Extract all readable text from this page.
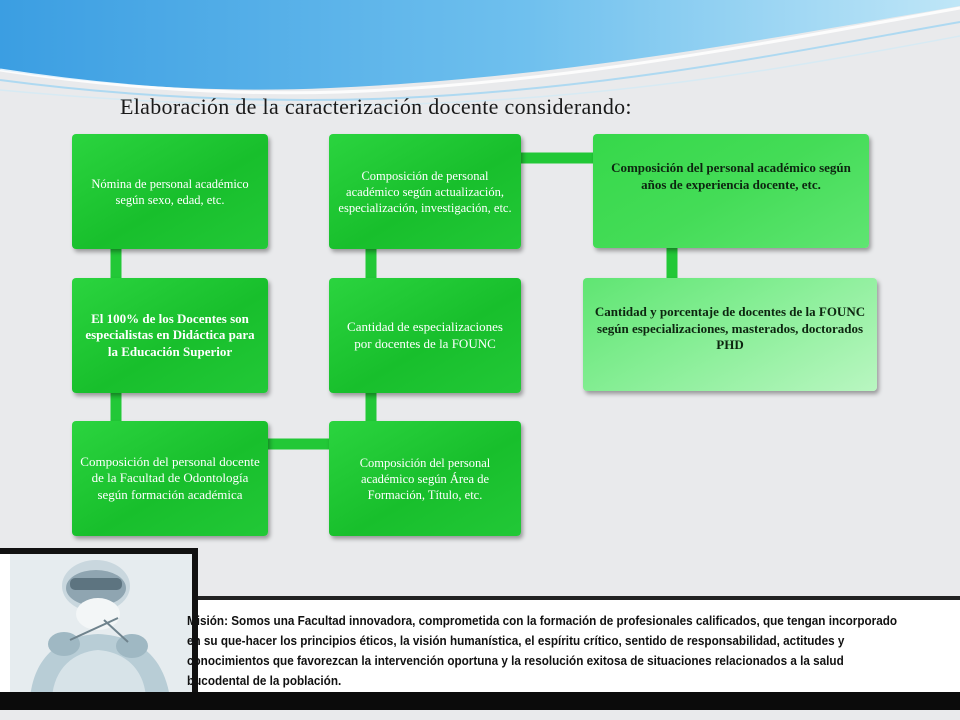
Elaboración de la caracterización docente considerando:
Nómina de personal académico según sexo, edad, etc.
El 100% de los Docentes son especialistas en Didáctica para la Educación Superior
Composición del personal docente de la Facultad de Odontología según formación académica
Composición del personal académico según Área de Formación, Título, etc.
Cantidad de especializaciones por docentes de la FOUNC
Composición de personal académico según actualización, especialización, investigación, etc.
Composición del personal académico según años de experiencia docente, etc.
Cantidad y porcentaje de docentes de la FOUNC según especializaciones, masterados, doctorados PHD

Misión: Somos una Facultad innovadora, comprometida con la formación de profesionales calificados, que tengan incorporado en su que-hacer los principios éticos, la visión humanística, el espíritu crítico, sentido de responsabilidad, actitudes y conocimientos que favorezcan la intervención oportuna y la resolución exitosa de situaciones relacionados a la salud bucodental de la población.
